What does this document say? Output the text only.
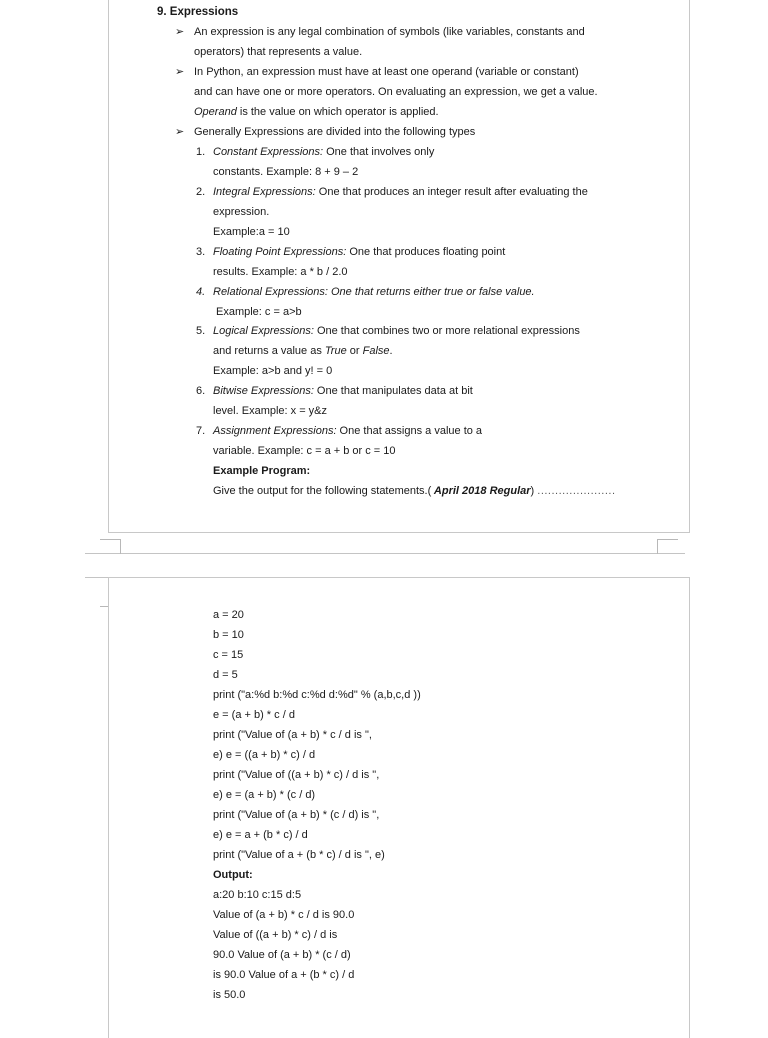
9. Expressions
➢ An expression is any legal combination of symbols (like variables, constants and
operators) that represents a value.
➢ In Python, an expression must have at least one operand (variable or constant)
and can have one or more operators. On evaluating an expression, we get a value.
Operand is the value on which operator is applied.
➢ Generally Expressions are divided into the following types
1. Constant Expressions: One that involves only
constants. Example: 8 + 9 – 2
2. Integral Expressions: One that produces an integer result after evaluating the
expression.
Example:a = 10
3. Floating Point Expressions: One that produces floating point
results. Example: a * b / 2.0
4. Relational Expressions: One that returns either true or false value.
Example: c = a>b
5. Logical Expressions: One that combines two or more relational expressions
and returns a value as True or False.
Example: a>b and y! = 0
6. Bitwise Expressions: One that manipulates data at bit
level. Example: x = y&z
7. Assignment Expressions: One that assigns a value to a
variable. Example: c = a + b or c = 10
Example Program:
Give the output for the following statements.( April 2018 Regular) ......................
a = 20
b = 10
c = 15
d = 5
print ("a:%d b:%d c:%d d:%d" % (a,b,c,d ))
e = (a + b) * c / d
print ("Value of (a + b) * c / d is ",
e) e = ((a + b) * c) / d
print ("Value of ((a + b) * c) / d is ",
e) e = (a + b) * (c / d)
print ("Value of (a + b) * (c / d) is ",
e) e = a + (b * c) / d
print ("Value of a + (b * c) / d is ", e)
Output:
a:20 b:10 c:15 d:5
Value of (a + b) * c / d is 90.0
Value of ((a + b) * c) / d is
90.0 Value of (a + b) * (c / d)
is 90.0 Value of a + (b * c) / d
is 50.0
